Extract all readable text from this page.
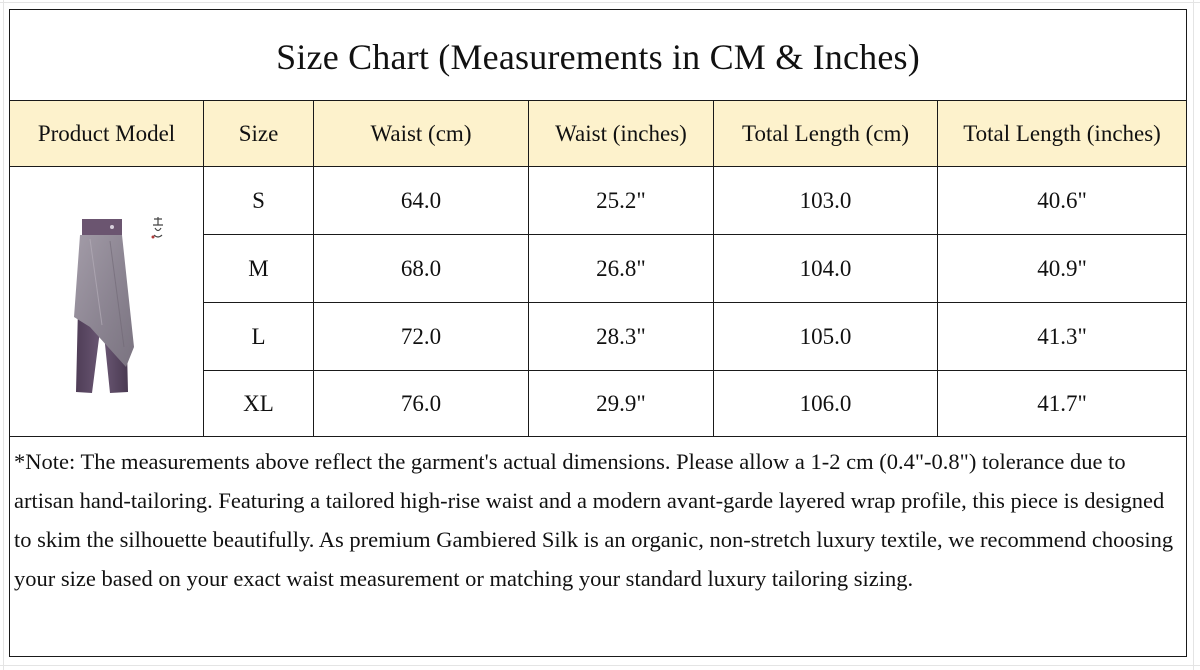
Size Chart (Measurements in CM & Inches)					
Product Model	Size	Waist (cm)	Waist (inches)	Total Length (cm)	Total Length (inches)

	S	64.0	25.2"	103.0	40.6"
	M	68.0	26.8"	104.0	40.9"
	L	72.0	28.3"	105.0	41.3"
	XL	76.0	29.9"	106.0	41.7"
*Note: The measurements above reflect the garment's actual dimensions. Please allow a 1-2 cm (0.4"-0.8") tolerance due to artisan hand-tailoring. Featuring a tailored high-rise waist and a modern avant-garde layered wrap profile, this piece is designed to skim the silhouette beautifully. As premium Gambiered Silk is an organic, non-stretch luxury textile, we recommend choosing your size based on your exact waist measurement or matching your standard luxury tailoring sizing.					
